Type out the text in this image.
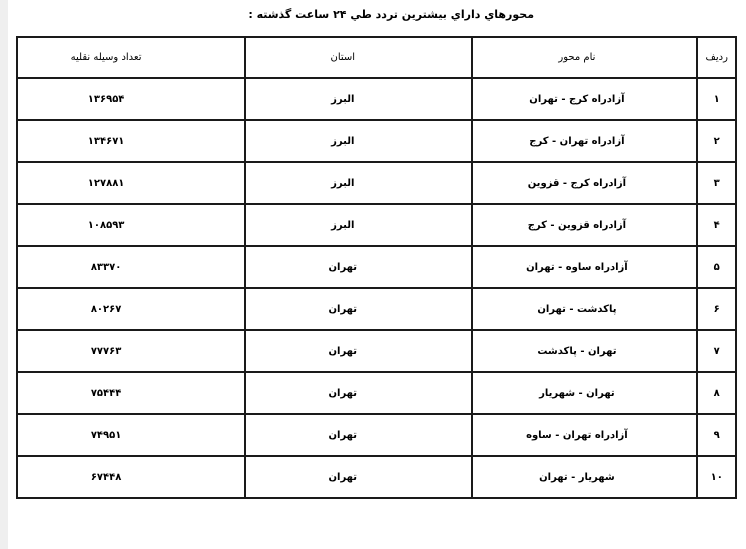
محورهاي داراي بيشترين تردد طي ۲۴ ساعت گذشته :
رديف	نام محور	استان	تعداد وسيله نقليه
۱	آزادراه كرج - تهران	البرز	۱۳۶۹۵۴
۲	آزادراه تهران - كرج	البرز	۱۳۴۶۷۱
۳	آزادراه كرج - قزوين	البرز	۱۲۷۸۸۱
۴	آزادراه قزوين - كرج	البرز	۱۰۸۵۹۳
۵	آزادراه ساوه - تهران	تهران	۸۳۳۷۰
۶	پاكدشت - تهران	تهران	۸۰۲۶۷
۷	تهران - پاكدشت	تهران	۷۷۷۶۳
۸	تهران - شهريار	تهران	۷۵۴۴۴
۹	آزادراه تهران - ساوه	تهران	۷۴۹۵۱
۱۰	شهريار - تهران	تهران	۶۷۴۴۸
